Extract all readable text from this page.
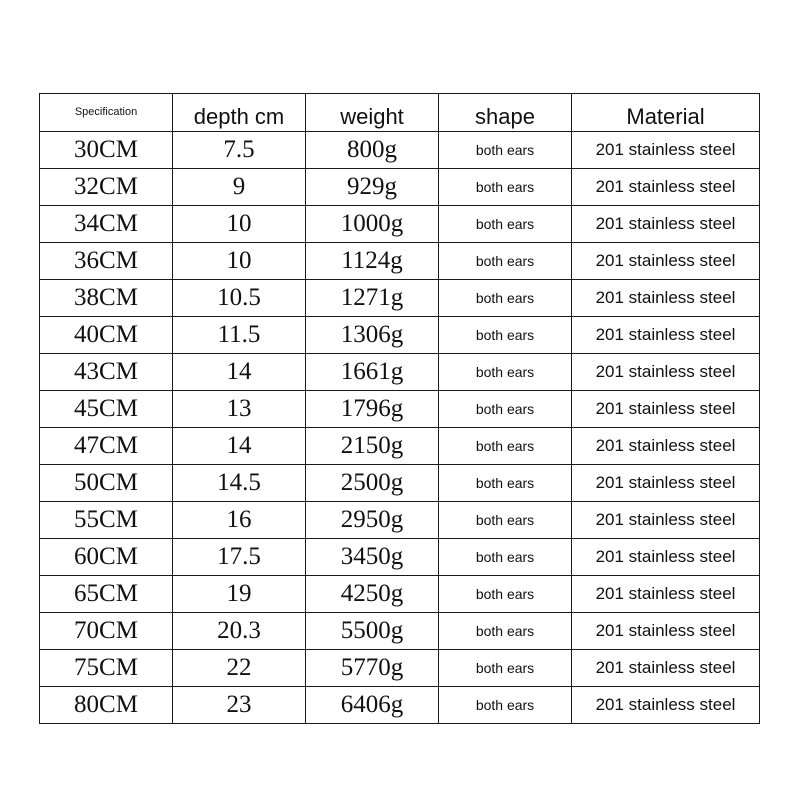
Specification	depth cm	weight	shape	Material
30CM	7.5	800g	both ears	201 stainless steel
32CM	9	929g	both ears	201 stainless steel
34CM	10	1000g	both ears	201 stainless steel
36CM	10	1124g	both ears	201 stainless steel
38CM	10.5	1271g	both ears	201 stainless steel
40CM	11.5	1306g	both ears	201 stainless steel
43CM	14	1661g	both ears	201 stainless steel
45CM	13	1796g	both ears	201 stainless steel
47CM	14	2150g	both ears	201 stainless steel
50CM	14.5	2500g	both ears	201 stainless steel
55CM	16	2950g	both ears	201 stainless steel
60CM	17.5	3450g	both ears	201 stainless steel
65CM	19	4250g	both ears	201 stainless steel
70CM	20.3	5500g	both ears	201 stainless steel
75CM	22	5770g	both ears	201 stainless steel
80CM	23	6406g	both ears	201 stainless steel
